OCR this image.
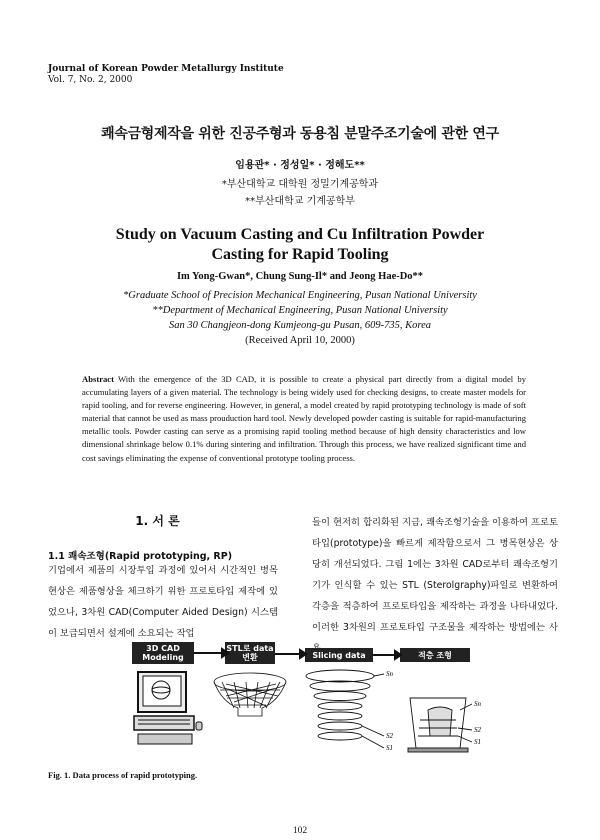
Journal of Korean Powder Metallurgy Institute
Vol. 7, No. 2, 2000
쾌속금형제작을 위한 진공주형과 동용침 분말주조기술에 관한 연구
임용관* · 정성일* · 정해도**
*부산대학교 대학원 정밀기계공학과
**부산대학교 기계공학부
Study on Vacuum Casting and Cu Infiltration Powder
Casting for Rapid Tooling
Im Yong-Gwan*, Chung Sung-Il* and Jeong Hae-Do**
*Graduate School of Precision Mechanical Engineering, Pusan National University
**Department of Mechanical Engineering, Pusan National University
San 30 Changjeon-dong Kumjeong-gu Pusan, 609-735, Korea
(Received April 10, 2000)
Abstract With the emergence of the 3D CAD, it is possible to create a physical part directly from a digital model by accumulating layers of a given material. The technology is being widely used for checking designs, to create master models for rapid tooling, and for reverse engineering. However, in general, a model created by rapid prototyping technology is made of soft material that cannot be used as mass prouduction hard tool. Newly developed powder casting is suitable for rapid-manufacturing metallic tools. Powder casting can serve as a promising rapid tooling method because of high density characteristics and low dimensional shrinkage below 0.1% during sintering and infiltration. Through this process, we have realized significant time and cost savings eliminating the expense of conventional prototype tooling process.
1. 서 론
1.1 쾌속조형(Rapid prototyping, RP)
기업에서 제품의 시장투입 과정에 있어서 시간적인 병목현상은 제품형상을 체크하기 위한 프로토타입 제작에 있었으나, 3차원 CAD(Computer Aided Design) 시스템이 보급되면서 설계에 소요되는 작업
들이 현저히 합리화된 지금, 쾌속조형기술을 이용하여 프로토타입(prototype)을 빠르게 제작함으로서 그 병목현상은 상당히 개선되었다. 그림 1에는 3차원 CAD로부터 쾌속조형기기가 인식할 수 있는 STL (Sterolgraphy)파일로 변환하여 각층을 적층하여 프로토타입을 제작하는 과정을 나타내었다. 이러한 3차원의 프로토타입 구조물을 제작하는 방법에는 사
3D CAD Modeling
STL로 data 변환	Slicing data	적층 조형
Sn
S2
S1
Sn
S2
S1
Fig. 1. Data process of rapid prototyping.
102
